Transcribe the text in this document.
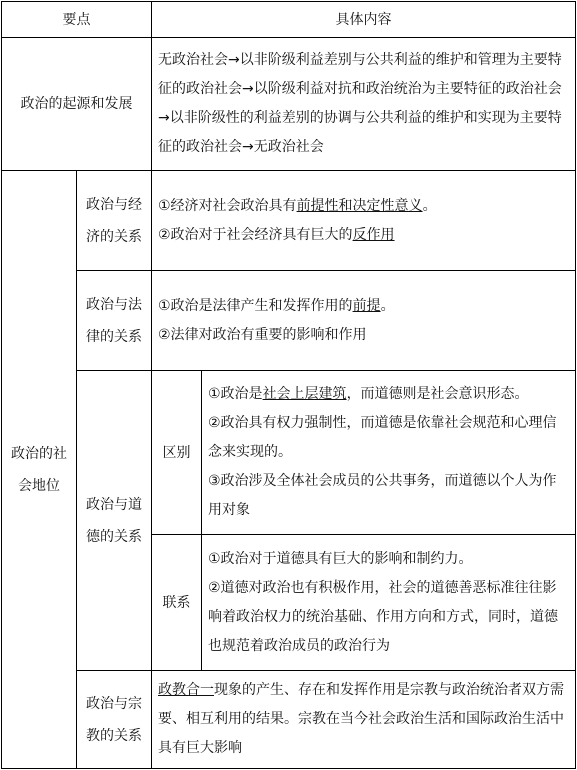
要点		具体内容	
政治的起源和发展		无政治社会→以非阶级利益差别与公共利益的维护和管理为主要特征的政治社会→以阶级利益对抗和政治统治为主要特征的政治社会→以非阶级性的利益差别的协调与公共利益的维护和实现为主要特征的政治社会→无政治社会	
政治的社会地位	政治与经济的关系	①经济对社会政治具有前提性和决定性意义。

②政治对于社会经济具有巨大的反作用	

	政治与法律的关系	①政治是法律产生和发挥作用的前提。

②法律对政治有重要的影响和作用	

	政治与道德的关系	区别	①政治是社会上层建筑，而道德则是社会意识形态。

②政治具有权力强制性，而道德是依靠社会规范和心理信念来实现的。

③政治涉及全体社会成员的公共事务，而道德以个人为作用对象

		联系	①政治对于道德具有巨大的影响和制约力。

②道德对政治也有积极作用，社会的道德善恶标准往往影响着政治权力的统治基础、作用方向和方式，同时，道德也规范着政治成员的政治行为

	政治与宗教的关系	政教合一现象的产生、存在和发挥作用是宗教与政治统治者双方需要、相互利用的结果。宗教在当今社会政治生活和国际政治生活中具有巨大影响	
